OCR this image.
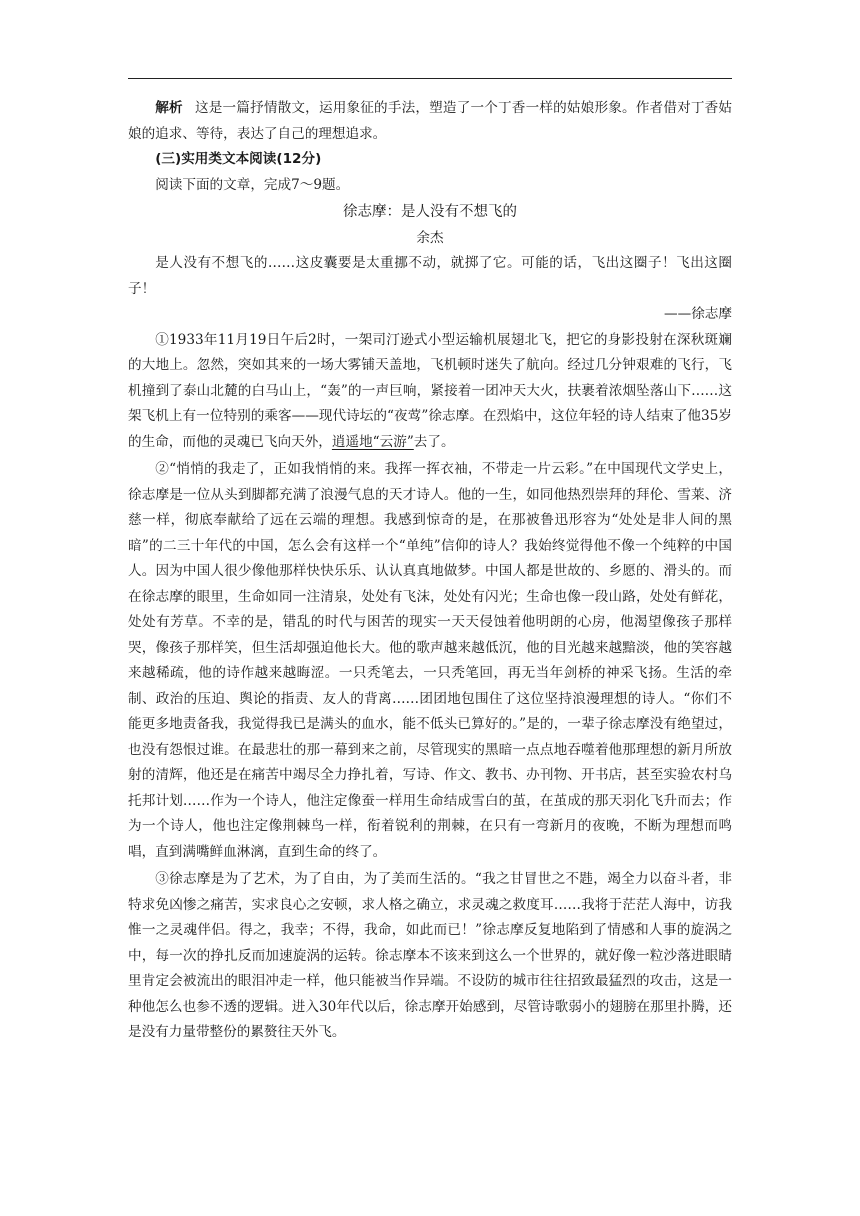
解析 这是一篇抒情散文，运用象征的手法，塑造了一个丁香一样的姑娘形象。作者借对丁香姑娘的追求、等待，表达了自己的理想追求。

(三)实用类文本阅读(12分)

阅读下面的文章，完成7～9题。

徐志摩：是人没有不想飞的

余杰

是人没有不想飞的……这皮囊要是太重挪不动，就掷了它。可能的话，飞出这圈子！飞出这圈子！

——徐志摩

①1933年11月19日午后2时，一架司汀逊式小型运输机展翅北飞，把它的身影投射在深秋斑斓的大地上。忽然，突如其来的一场大雾铺天盖地，飞机顿时迷失了航向。经过几分钟艰难的飞行，飞机撞到了泰山北麓的白马山上，“轰”的一声巨响，紧接着一团冲天大火，扶裹着浓烟坠落山下……这架飞机上有一位特别的乘客——现代诗坛的“夜莺”徐志摩。在烈焰中，这位年轻的诗人结束了他35岁的生命，而他的灵魂已飞向天外，逍遥地“云游”去了。

②“悄悄的我走了，正如我悄悄的来。我挥一挥衣袖，不带走一片云彩。”在中国现代文学史上，徐志摩是一位从头到脚都充满了浪漫气息的天才诗人。他的一生，如同他热烈崇拜的拜伦、雪莱、济慈一样，彻底奉献给了远在云端的理想。我感到惊奇的是，在那被鲁迅形容为“处处是非人间的黑暗”的二三十年代的中国，怎么会有这样一个“单纯”信仰的诗人？我始终觉得他不像一个纯粹的中国人。因为中国人很少像他那样快快乐乐、认认真真地做梦。中国人都是世故的、乡愿的、滑头的。而在徐志摩的眼里，生命如同一注清泉，处处有飞沫，处处有闪光；生命也像一段山路，处处有鲜花，处处有芳草。不幸的是，错乱的时代与困苦的现实一天天侵蚀着他明朗的心房，他渴望像孩子那样哭，像孩子那样笑，但生活却强迫他长大。他的歌声越来越低沉，他的目光越来越黯淡，他的笑容越来越稀疏，他的诗作越来越晦涩。一只秃笔去，一只秃笔回，再无当年剑桥的神采飞扬。生活的牵制、政治的压迫、舆论的指责、友人的背离……团团地包围住了这位坚持浪漫理想的诗人。“你们不能更多地责备我，我觉得我已是满头的血水，能不低头已算好的。”是的，一辈子徐志摩没有绝望过，也没有怨恨过谁。在最悲壮的那一幕到来之前，尽管现实的黑暗一点点地吞噬着他那理想的新月所放射的清辉，他还是在痛苦中竭尽全力挣扎着，写诗、作文、教书、办刊物、开书店，甚至实验农村乌托邦计划……作为一个诗人，他注定像蚕一样用生命结成雪白的茧，在茧成的那天羽化飞升而去；作为一个诗人，他也注定像荆棘鸟一样，衔着锐利的荆棘，在只有一弯新月的夜晚，不断为理想而鸣唱，直到满嘴鲜血淋漓，直到生命的终了。

③徐志摩是为了艺术，为了自由，为了美而生活的。“我之甘冒世之不韪，竭全力以奋斗者，非特求免凶惨之痛苦，实求良心之安顿，求人格之确立，求灵魂之救度耳……我将于茫茫人海中，访我惟一之灵魂伴侣。得之，我幸；不得，我命，如此而已！”徐志摩反复地陷到了情感和人事的旋涡之中，每一次的挣扎反而加速旋涡的运转。徐志摩本不该来到这么一个世界的，就好像一粒沙落进眼睛里肯定会被流出的眼泪冲走一样，他只能被当作异端。不设防的城市往往招致最猛烈的攻击，这是一种他怎么也参不透的逻辑。进入30年代以后，徐志摩开始感到，尽管诗歌弱小的翅膀在那里扑腾，还是没有力量带整份的累赘往天外飞。
